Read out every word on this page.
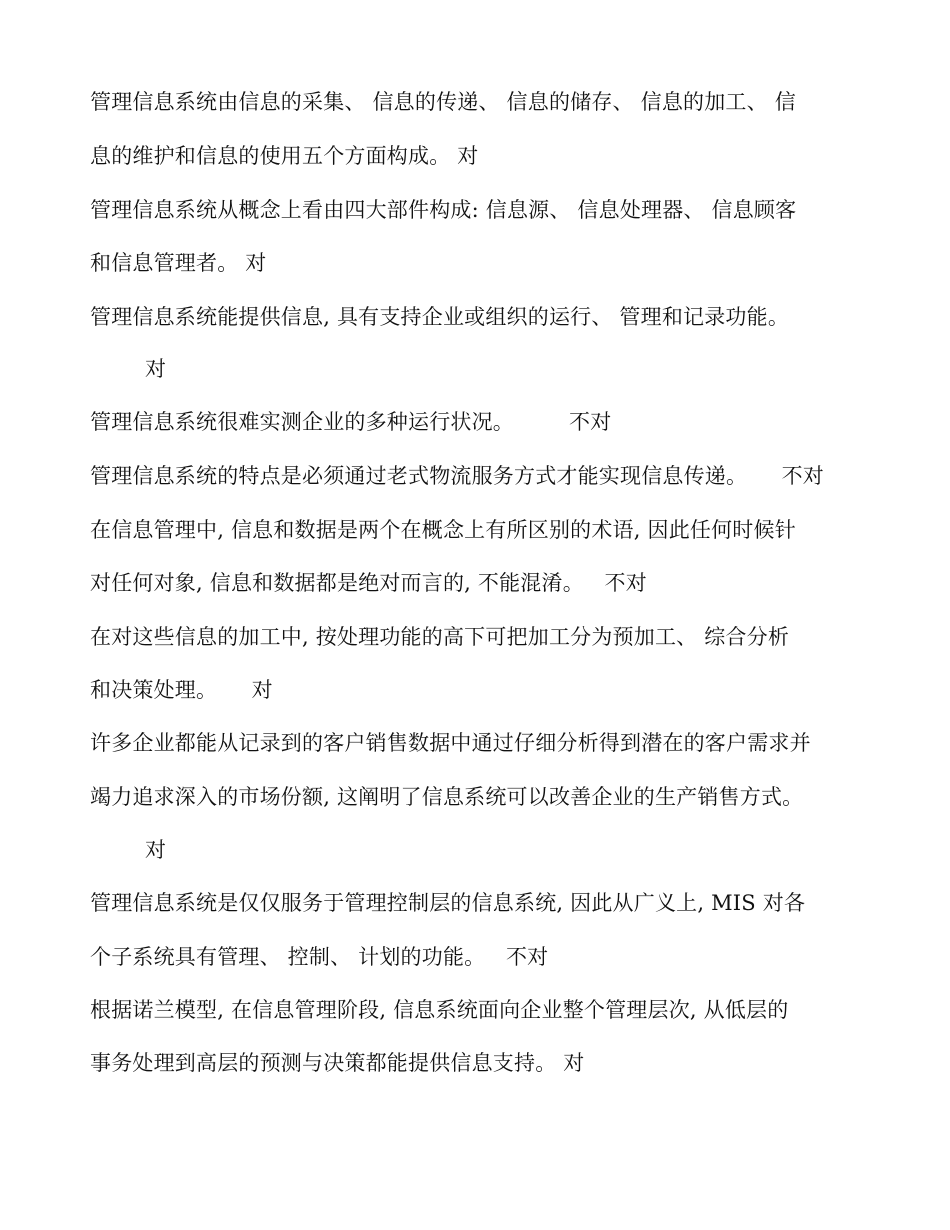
管理信息系统由信息的采集、 信息的传递、 信息的储存、 信息的加工、 信
息的维护和信息的使用五个方面构成。 对
管理信息系统从概念上看由四大部件构成: 信息源、 信息处理器、 信息顾客
和信息管理者。 对
管理信息系统能提供信息, 具有支持企业或组织的运行、 管理和记录功能。
对
管理信息系统很难实测企业的多种运行状况。        不对
管理信息系统的特点是必须通过老式物流服务方式才能实现信息传递。     不对
在信息管理中, 信息和数据是两个在概念上有所区别的术语, 因此任何时候针
对任何对象, 信息和数据都是绝对而言的, 不能混淆。   不对
在对这些信息的加工中, 按处理功能的高下可把加工分为预加工、 综合分析
和决策处理。     对
许多企业都能从记录到的客户销售数据中通过仔细分析得到潜在的客户需求并
竭力追求深入的市场份额, 这阐明了信息系统可以改善企业的生产销售方式。
对
管理信息系统是仅仅服务于管理控制层的信息系统, 因此从广义上, MIS 对各
个子系统具有管理、 控制、 计划的功能。   不对
根据诺兰模型, 在信息管理阶段, 信息系统面向企业整个管理层次, 从低层的
事务处理到高层的预测与决策都能提供信息支持。 对
